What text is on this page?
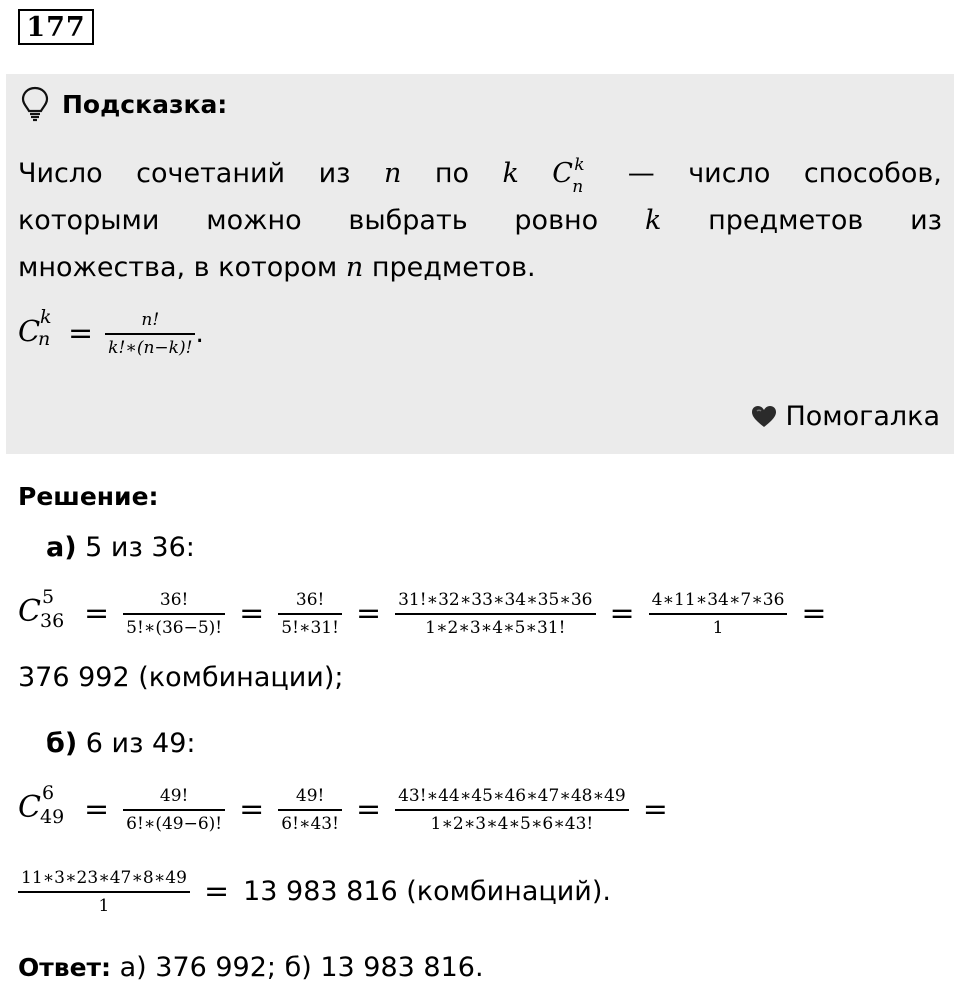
177
Подсказка:
Число сочетаний из n по k C k
n — число способов,
которыми можно выбрать ровно k предметов из
множества, в котором n предметов.
C k
$n = \frac{n!}{k!∗(n-k)!}$ .
Помогалка
Решение:
а) 5 из 36:
C 5
$36 = \frac{36!}{5!∗(36-5)!} = \frac{36!}{5!∗31!} = \frac{31!∗32∗33∗34∗35∗36}{1∗2∗3∗4∗5∗31!} = \frac{4∗11∗34∗7∗36}{1}$ =
376 992 (комбинации);
б) 6 из 49:
C 6
$49 = \frac{49!}{6!∗(49-6)!} = \frac{49!}{6!∗43!} = \frac{43!∗44∗45∗46∗47∗48∗49}{1∗2∗3∗4∗5∗6∗43!}$ =
$\frac{11∗3∗23∗47∗8∗49}{1} = 13$ 983 816 (комбинаций).
Ответ: а) 376 992; б) 13 983 816.
